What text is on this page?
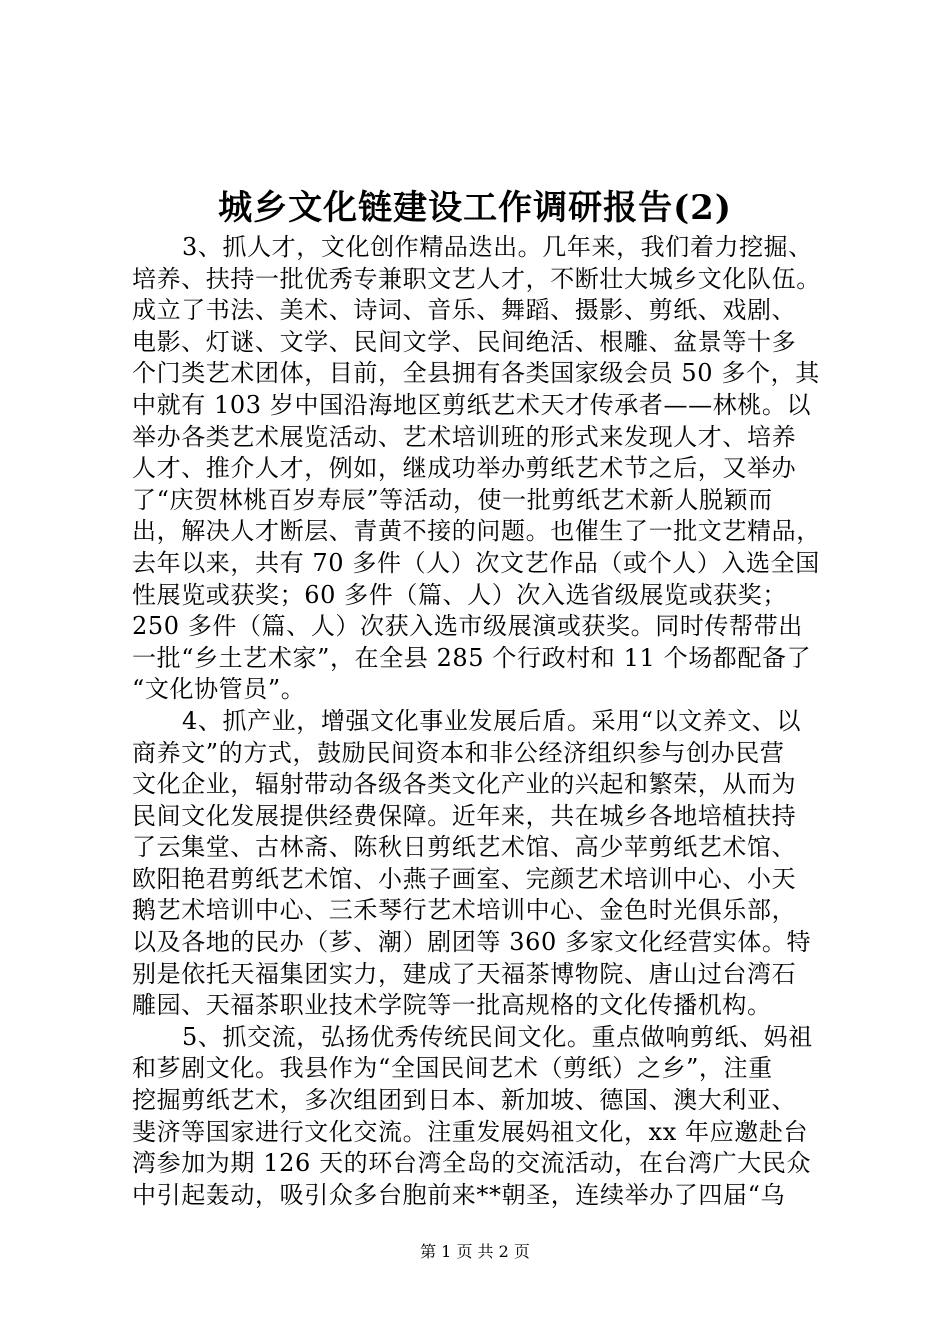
城乡文化链建设工作调研报告(2)
3、抓人才，文化创作精品迭出。几年来，我们着力挖掘、
培养、扶持一批优秀专兼职文艺人才，不断壮大城乡文化队伍。
成立了书法、美术、诗词、音乐、舞蹈、摄影、剪纸、戏剧、
电影、灯谜、文学、民间文学、民间绝活、根雕、盆景等十多
个门类艺术团体，目前，全县拥有各类国家级会员 50 多个，其
中就有 103 岁中国沿海地区剪纸艺术天才传承者——林桃。以
举办各类艺术展览活动、艺术培训班的形式来发现人才、培养
人才、推介人才，例如，继成功举办剪纸艺术节之后，又举办
了“庆贺林桃百岁寿辰”等活动，使一批剪纸艺术新人脱颖而
出，解决人才断层、青黄不接的问题。也催生了一批文艺精品，
去年以来，共有 70 多件（人）次文艺作品（或个人）入选全国
性展览或获奖；60 多件（篇、人）次入选省级展览或获奖；
250 多件（篇、人）次获入选市级展演或获奖。同时传帮带出
一批“乡土艺术家”，在全县 285 个行政村和 11 个场都配备了
“文化协管员”。
4、抓产业，增强文化事业发展后盾。采用“以文养文、以
商养文”的方式，鼓励民间资本和非公经济组织参与创办民营
文化企业，辐射带动各级各类文化产业的兴起和繁荣，从而为
民间文化发展提供经费保障。近年来，共在城乡各地培植扶持
了云集堂、古林斋、陈秋日剪纸艺术馆、高少苹剪纸艺术馆、
欧阳艳君剪纸艺术馆、小燕子画室、完颜艺术培训中心、小天
鹅艺术培训中心、三禾琴行艺术培训中心、金色时光俱乐部，
以及各地的民办（芗、潮）剧团等 360 多家文化经营实体。特
别是依托天福集团实力，建成了天福茶博物院、唐山过台湾石
雕园、天福茶职业技术学院等一批高规格的文化传播机构。
5、抓交流，弘扬优秀传统民间文化。重点做响剪纸、妈祖
和芗剧文化。我县作为“全国民间艺术（剪纸）之乡”，注重
挖掘剪纸艺术，多次组团到日本、新加坡、德国、澳大利亚、
斐济等国家进行文化交流。注重发展妈祖文化，xx 年应邀赴台
湾参加为期 126 天的环台湾全岛的交流活动，在台湾广大民众
中引起轰动，吸引众多台胞前来**朝圣，连续举办了四届“乌
第 1 页 共 2 页
